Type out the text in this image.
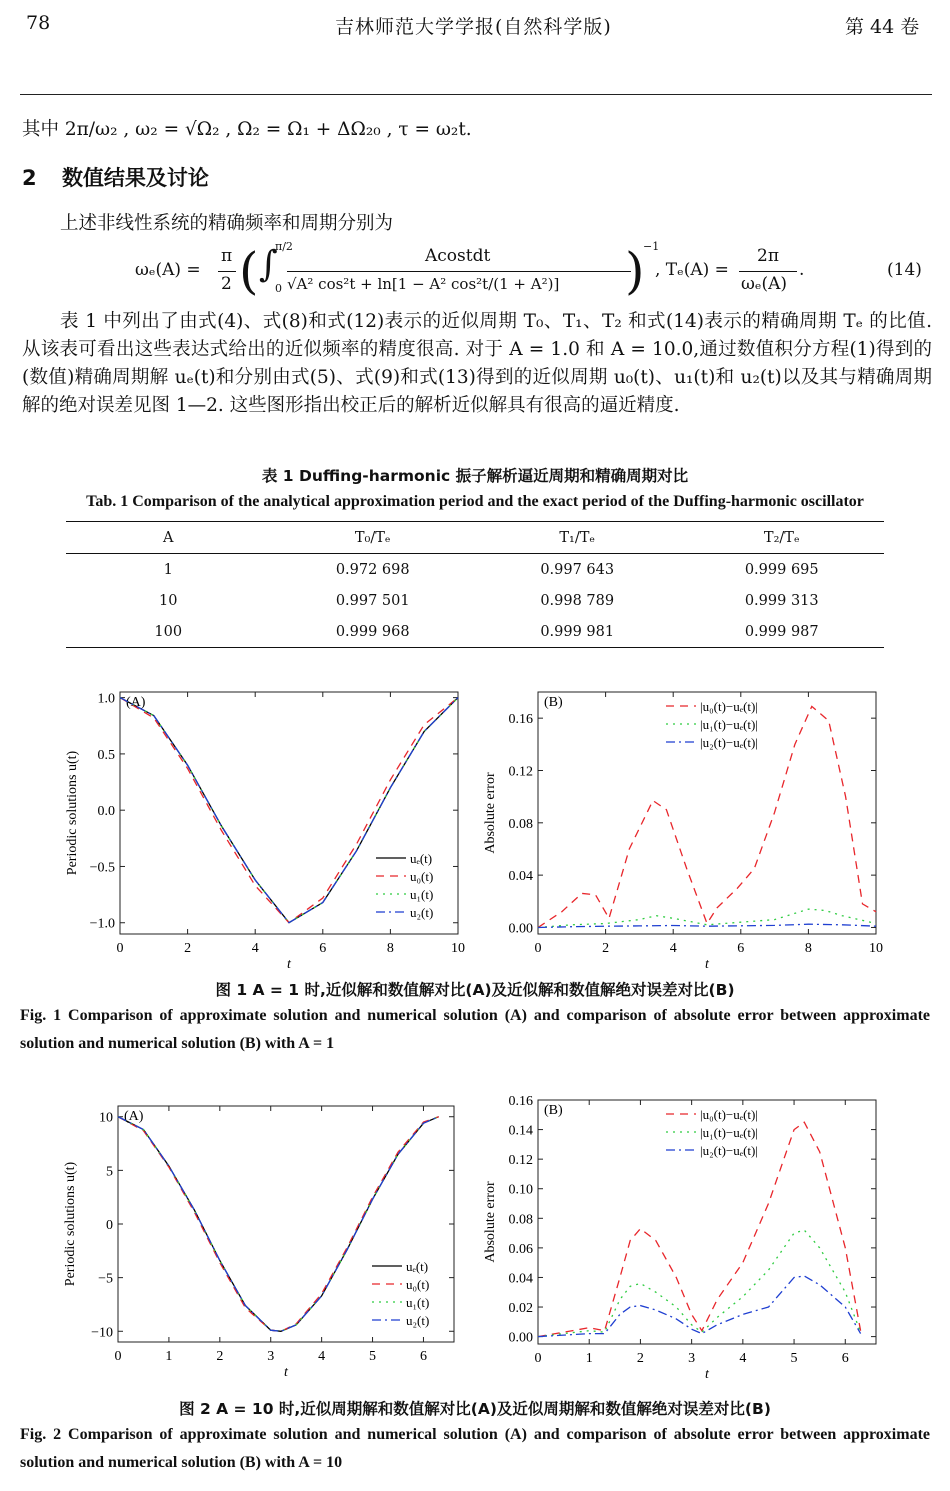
78	吉林师范大学学报(自然科学版)	第 44 卷
其中 2π/ω₂ , ω₂ = √Ω₂ , Ω₂ = Ω₁ + ΔΩ₂₀ , τ = ω₂t.
2 数值结果及讨论
上述非线性系统的精确频率和周期分别为
ωₑ(A) =
π
2 ( ∫
π/2
0
Acostdt
√A² cos²t + ln[1 − A² cos²t/(1 + A²)] )
−1
, Tₑ(A) =
2π
ωₑ(A)
.	(14)
表 1 中列出了由式(4)、式(8)和式(12)表示的近似周期 T₀、T₁、T₂ 和式(14)表示的精确周期 Tₑ 的比值. 从该表可看出这些表达式给出的近似频率的精度很高. 对于 A = 1.0 和 A = 10.0,通过数值积分方程(1)得到的(数值)精确周期解 uₑ(t)和分别由式(5)、式(9)和式(13)得到的近似周期 u₀(t)、u₁(t)和 u₂(t)以及其与精确周期解的绝对误差见图 1—2. 这些图形指出校正后的解析近似解具有很高的逼近精度.
表 1 Duffing-harmonic 振子解析逼近周期和精确周期对比
Tab. 1 Comparison of the analytical approximation period and the exact period of the Duffing-harmonic oscillator
A	T₀/Tₑ	T₁/Tₑ	T₂/Tₑ
1	0.972 698	0.997 643	0.999 695
10	0.997 501	0.998 789	0.999 313
100	0.999 968	0.999 981	0.999 987
0	2	4	6	8	10
1.0
0.5
0.0
−0.5
−1.0
t
Periodic solutions u(t)
(A)
uₑ(t)
u₀(t)
u₁(t)
u₂(t)
0	2	4	6	8	10
0.16
0.12
0.08
0.04
0.00
t
Absolute error
(B)	|u₀(t)−uₑ(t)|
|u₁(t)−uₑ(t)|
|u₂(t)−uₑ(t)|
图 1 A = 1 时,近似解和数值解对比(A)及近似解和数值解绝对误差对比(B)
Fig. 1 Comparison of approximate solution and numerical solution (A) and comparison of absolute error between approximate solution and numerical solution (B) with A = 1
0	1	2	3	4	5	6
10
5
0
−5
−10
t
Periodic solutions u(t)
(A)
uₑ(t)
u₀(t)
u₁(t)
u₂(t)
0	1	2	3	4	5	6
0.16
0.14
0.12
0.10
0.08
0.06
0.04
0.02
0.00
t
Absolute error
(B)	|u₀(t)−uₑ(t)|
|u₁(t)−uₑ(t)|
|u₂(t)−uₑ(t)|
图 2 A = 10 时,近似周期解和数值解对比(A)及近似周期解和数值解绝对误差对比(B)
Fig. 2 Comparison of approximate solution and numerical solution (A) and comparison of absolute error between approximate solution and numerical solution (B) with A = 10
